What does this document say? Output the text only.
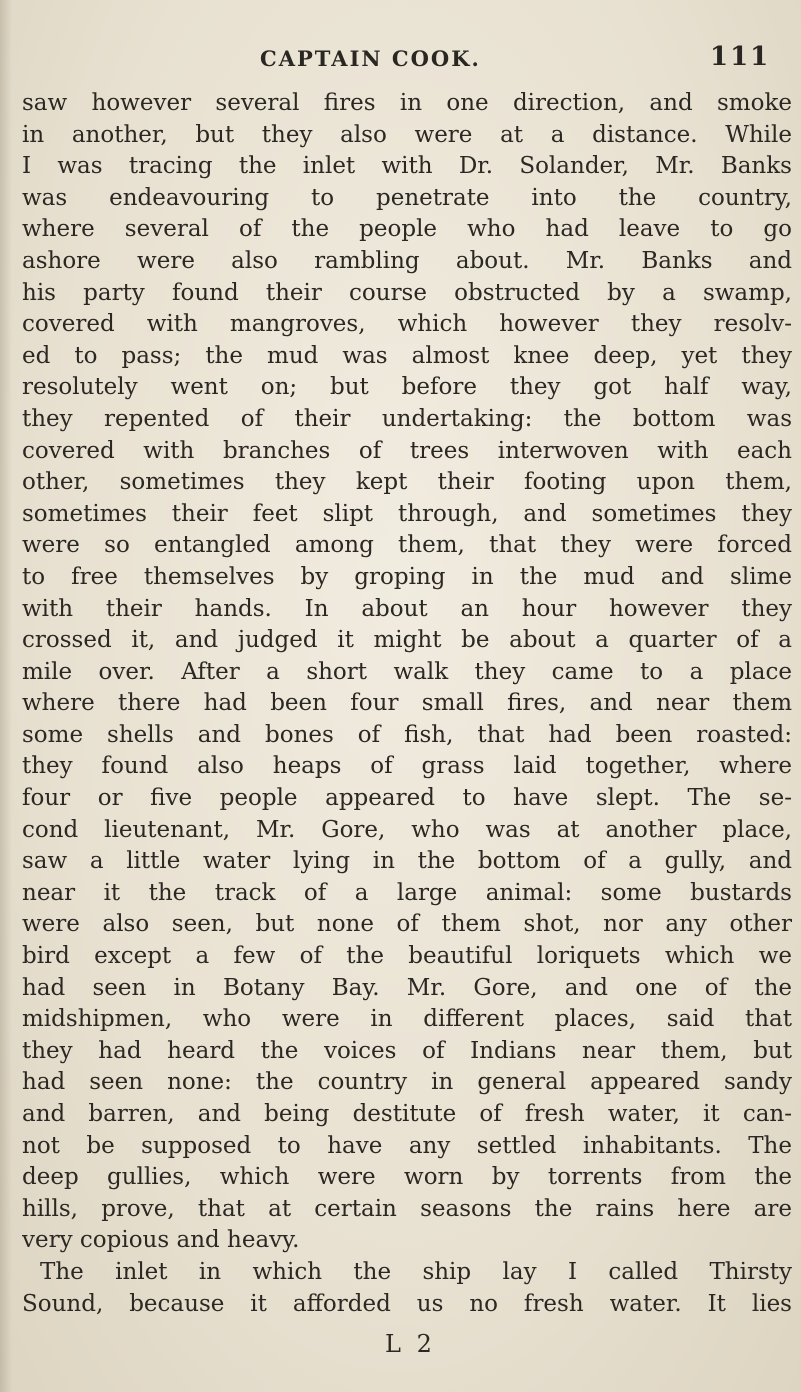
CAPTAIN COOK.	111
saw however several fires in one direction, and smoke
in another, but they also were at a distance. While
I was tracing the inlet with Dr. Solander, Mr. Banks
was endeavouring to penetrate into the country,
where several of the people who had leave to go
ashore were also rambling about. Mr. Banks and
his party found their course obstructed by a swamp,
covered with mangroves, which however they resolv-
ed to pass; the mud was almost knee deep, yet they
resolutely went on; but before they got half way,
they repented of their undertaking: the bottom was
covered with branches of trees interwoven with each
other, sometimes they kept their footing upon them,
sometimes their feet slipt through, and sometimes they
were so entangled among them, that they were forced
to free themselves by groping in the mud and slime
with their hands. In about an hour however they
crossed it, and judged it might be about a quarter of a
mile over. After a short walk they came to a place
where there had been four small fires, and near them
some shells and bones of fish, that had been roasted:
they found also heaps of grass laid together, where
four or five people appeared to have slept. The se-
cond lieutenant, Mr. Gore, who was at another place,
saw a little water lying in the bottom of a gully, and
near it the track of a large animal: some bustards
were also seen, but none of them shot, nor any other
bird except a few of the beautiful loriquets which we
had seen in Botany Bay. Mr. Gore, and one of the
midshipmen, who were in different places, said that
they had heard the voices of Indians near them, but
had seen none: the country in general appeared sandy
and barren, and being destitute of fresh water, it can-
not be supposed to have any settled inhabitants. The
deep gullies, which were worn by torrents from the
hills, prove, that at certain seasons the rains here are
very copious and heavy.
The inlet in which the ship lay I called Thirsty
Sound, because it afforded us no fresh water. It lies
L 2
